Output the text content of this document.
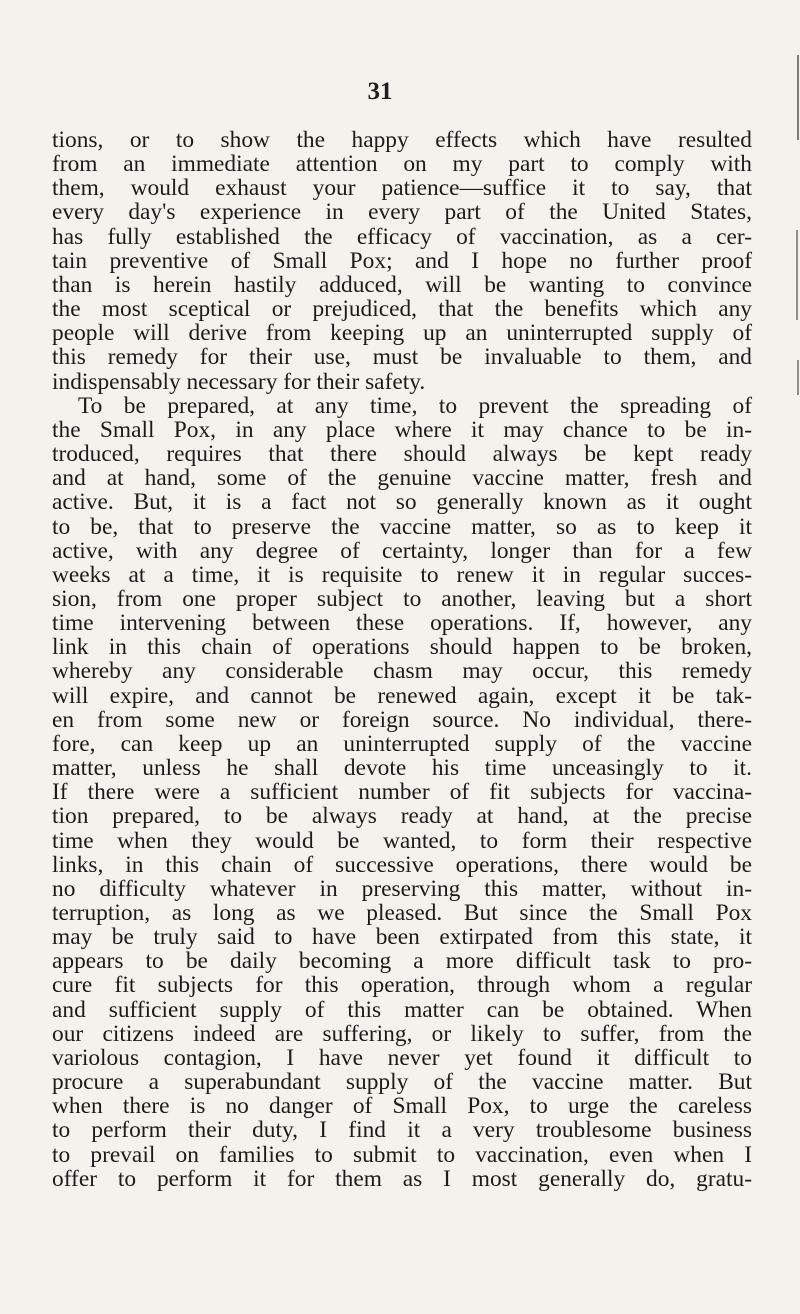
31
tions, or to show the happy effects which have resulted
from an immediate attention on my part to comply with
them, would exhaust your patience—suffice it to say, that
every day's experience in every part of the United States,
has fully established the efficacy of vaccination, as a cer-
tain preventive of Small Pox; and I hope no further proof
than is herein hastily adduced, will be wanting to convince
the most sceptical or prejudiced, that the benefits which any
people will derive from keeping up an uninterrupted supply of
this remedy for their use, must be invaluable to them, and
indispensably necessary for their safety.
To be prepared, at any time, to prevent the spreading of
the Small Pox, in any place where it may chance to be in-
troduced, requires that there should always be kept ready
and at hand, some of the genuine vaccine matter, fresh and
active. But, it is a fact not so generally known as it ought
to be, that to preserve the vaccine matter, so as to keep it
active, with any degree of certainty, longer than for a few
weeks at a time, it is requisite to renew it in regular succes-
sion, from one proper subject to another, leaving but a short
time intervening between these operations. If, however, any
link in this chain of operations should happen to be broken,
whereby any considerable chasm may occur, this remedy
will expire, and cannot be renewed again, except it be tak-
en from some new or foreign source. No individual, there-
fore, can keep up an uninterrupted supply of the vaccine
matter, unless he shall devote his time unceasingly to it.
If there were a sufficient number of fit subjects for vaccina-
tion prepared, to be always ready at hand, at the precise
time when they would be wanted, to form their respective
links, in this chain of successive operations, there would be
no difficulty whatever in preserving this matter, without in-
terruption, as long as we pleased. But since the Small Pox
may be truly said to have been extirpated from this state, it
appears to be daily becoming a more difficult task to pro-
cure fit subjects for this operation, through whom a regular
and sufficient supply of this matter can be obtained. When
our citizens indeed are suffering, or likely to suffer, from the
variolous contagion, I have never yet found it difficult to
procure a superabundant supply of the vaccine matter. But
when there is no danger of Small Pox, to urge the careless
to perform their duty, I find it a very troublesome business
to prevail on families to submit to vaccination, even when I
offer to perform it for them as I most generally do, gratu-
